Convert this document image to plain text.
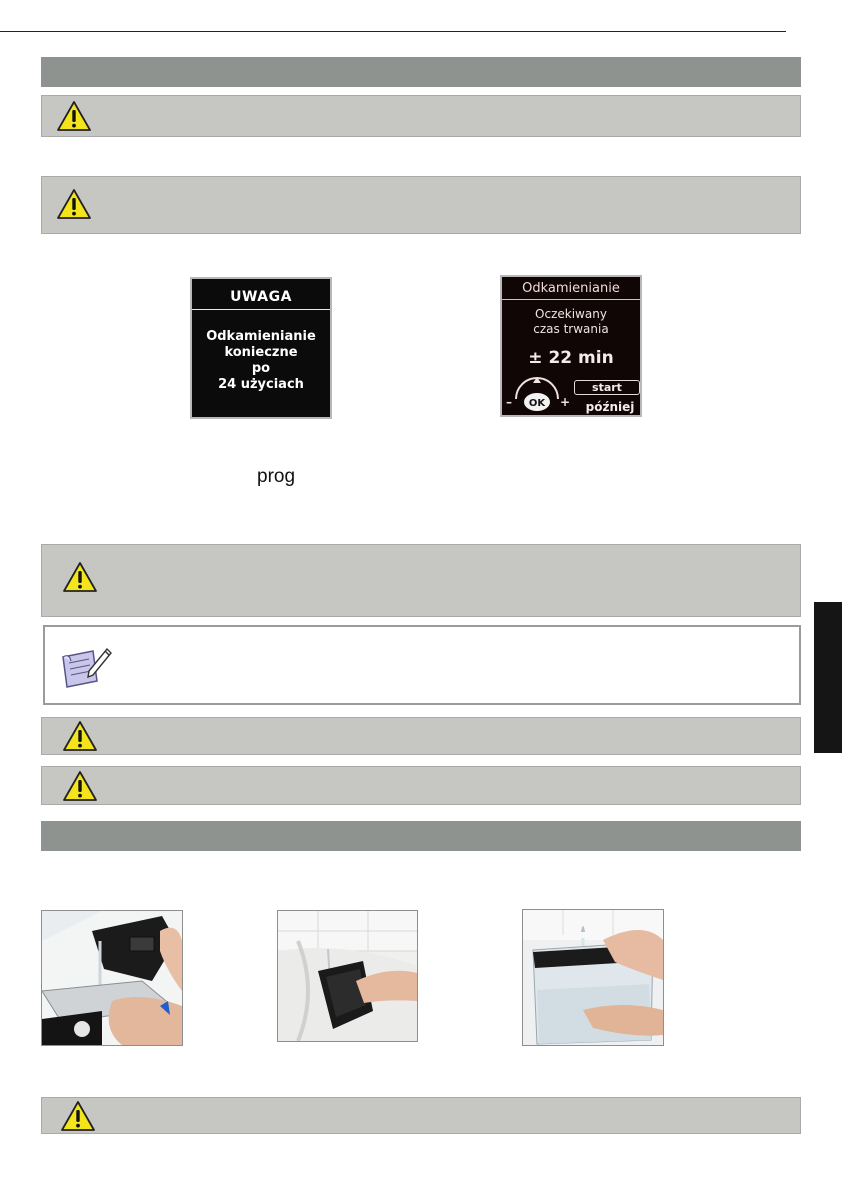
UWAGA
Odkamienianie
konieczne
po
24 użyciach
Odkamienianie
Oczekiwany
czas trwania
± 22 min
OK
–	+
start
później
prog
